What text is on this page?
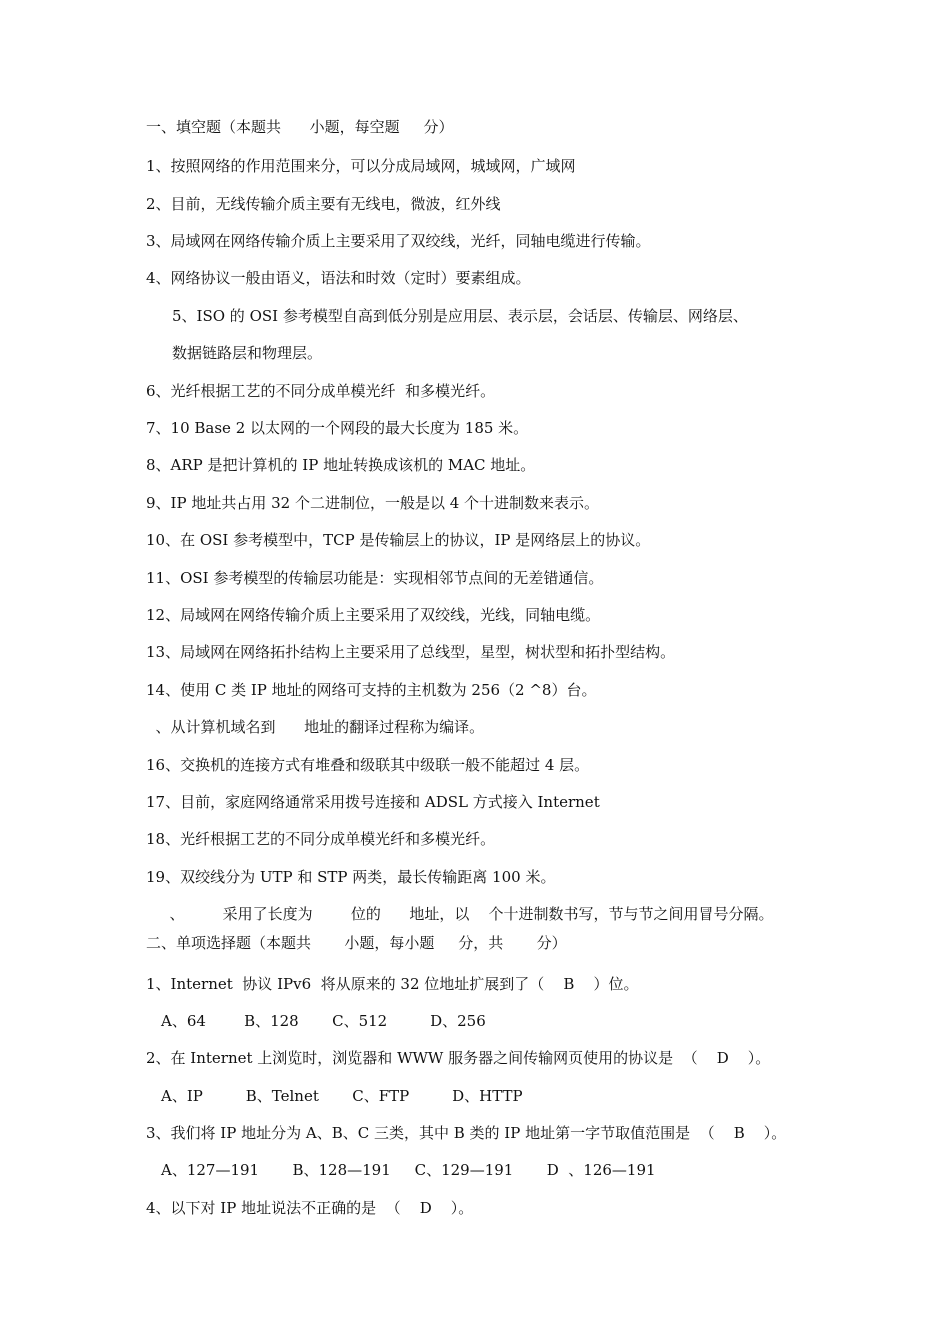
一、填空题（本题共      小题，每空题     分）
1、按照网络的作用范围来分，可以分成局域网，城域网，广域网
2、目前，无线传输介质主要有无线电，微波，红外线
3、局域网在网络传输介质上主要采用了双绞线，光纤，同轴电缆进行传输。
4、网络协议一般由语义，语法和时效（定时）要素组成。
5、ISO 的 OSI 参考模型自高到低分别是应用层、表示层，会话层、传输层、网络层、
数据链路层和物理层。
6、光纤根据工艺的不同分成单模光纤  和多模光纤。
7、10 Base 2 以太网的一个网段的最大长度为 185 米。
8、ARP 是把计算机的 IP 地址转换成该机的 MAC 地址。
9、IP 地址共占用 32 个二进制位，一般是以 4 个十进制数来表示。
10、在 OSI 参考模型中，TCP 是传输层上的协议，IP 是网络层上的协议。
11、OSI 参考模型的传输层功能是：实现相邻节点间的无差错通信。
12、局域网在网络传输介质上主要采用了双绞线，光线，同轴电缆。
13、局域网在网络拓扑结构上主要采用了总线型，星型，树状型和拓扑型结构。
14、使用 C 类 IP 地址的网络可支持的主机数为 256（2 ^8）台。
、从计算机域名到      地址的翻译过程称为编译。
16、交换机的连接方式有堆叠和级联其中级联一般不能超过 4 层。
17、目前，家庭网络通常采用拨号连接和 ADSL 方式接入 Internet
18、光纤根据工艺的不同分成单模光纤和多模光纤。
19、双绞线分为 UTP 和 STP 两类，最长传输距离 100 米。
、        采用了长度为        位的      地址，以    个十进制数书写，节与节之间用冒号分隔。
二、单项选择题（本题共       小题，每小题     分，共       分）
1、Internet  协议 IPv6  将从原来的 32 位地址扩展到了（    B    ）位。
A、64        B、128       C、512         D、256
2、在 Internet 上浏览时，浏览器和 WWW 服务器之间传输网页使用的协议是  （    D    ）。
A、IP         B、Telnet       C、FTP         D、HTTP
3、我们将 IP 地址分为 A、B、C 三类，其中 B 类的 IP 地址第一字节取值范围是  （    B    ）。
A、127—191       B、128—191     C、129—191       D  、126—191
4、以下对 IP 地址说法不正确的是  （    D    ）。
